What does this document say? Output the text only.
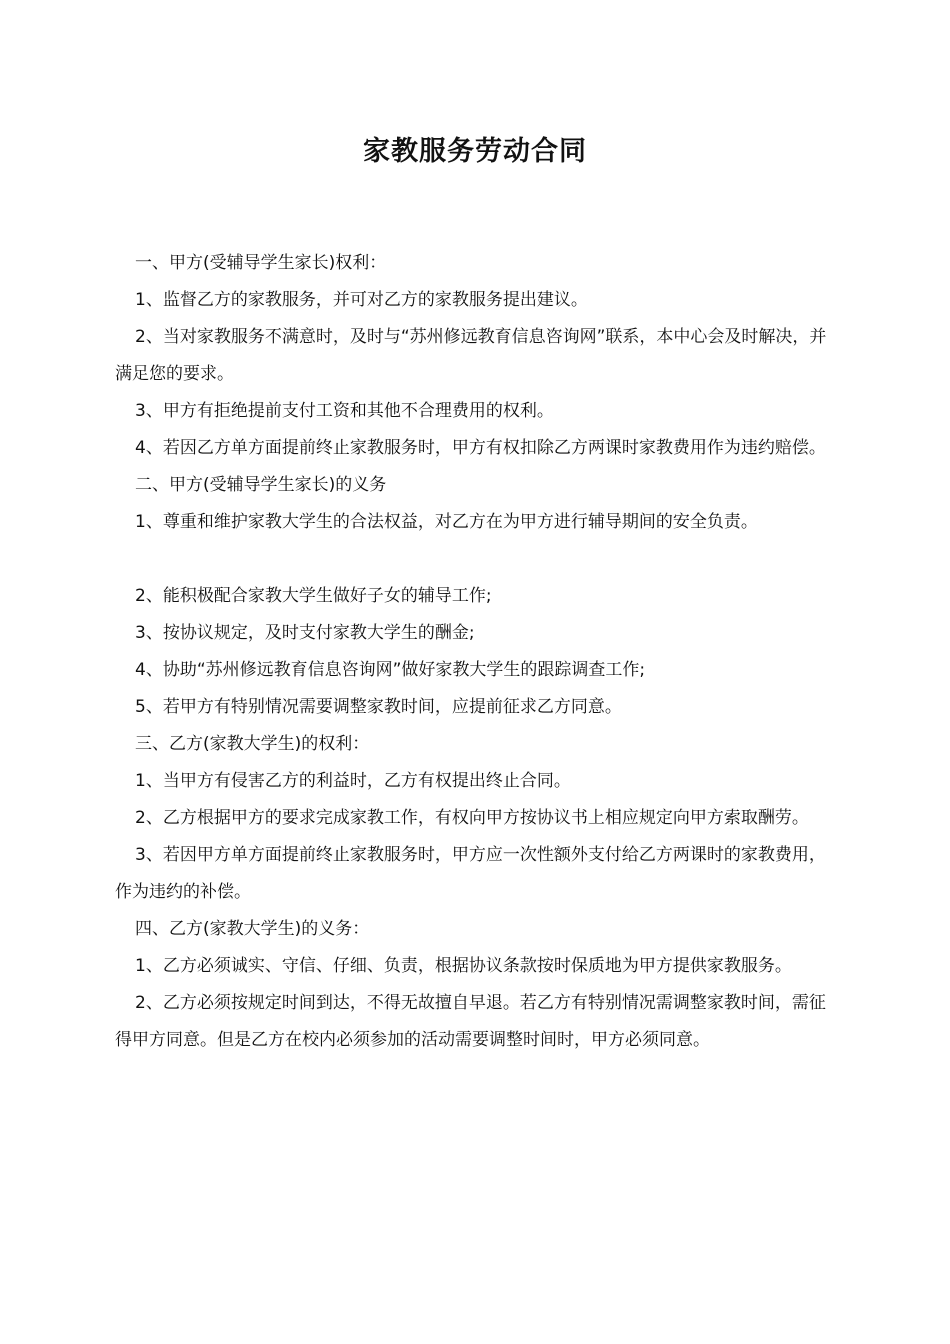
家教服务劳动合同

一、甲方(受辅导学生家长)权利：

1、监督乙方的家教服务，并可对乙方的家教服务提出建议。

2、当对家教服务不满意时，及时与“苏州修远教育信息咨询网”联系，本中心会及时解决，并满足您的要求。

3、甲方有拒绝提前支付工资和其他不合理费用的权利。

4、若因乙方单方面提前终止家教服务时，甲方有权扣除乙方两课时家教费用作为违约赔偿。

二、甲方(受辅导学生家长)的义务

1、尊重和维护家教大学生的合法权益，对乙方在为甲方进行辅导期间的安全负责。

2、能积极配合家教大学生做好子女的辅导工作;

3、按协议规定，及时支付家教大学生的酬金;

4、协助“苏州修远教育信息咨询网”做好家教大学生的跟踪调查工作;

5、若甲方有特别情况需要调整家教时间，应提前征求乙方同意。

三、乙方(家教大学生)的权利：

1、当甲方有侵害乙方的利益时，乙方有权提出终止合同。

2、乙方根据甲方的要求完成家教工作，有权向甲方按协议书上相应规定向甲方索取酬劳。

3、若因甲方单方面提前终止家教服务时，甲方应一次性额外支付给乙方两课时的家教费用，作为违约的补偿。

四、乙方(家教大学生)的义务：

1、乙方必须诚实、守信、仔细、负责，根据协议条款按时保质地为甲方提供家教服务。

2、乙方必须按规定时间到达，不得无故擅自早退。若乙方有特别情况需调整家教时间，需征得甲方同意。但是乙方在校内必须参加的活动需要调整时间时，甲方必须同意。
